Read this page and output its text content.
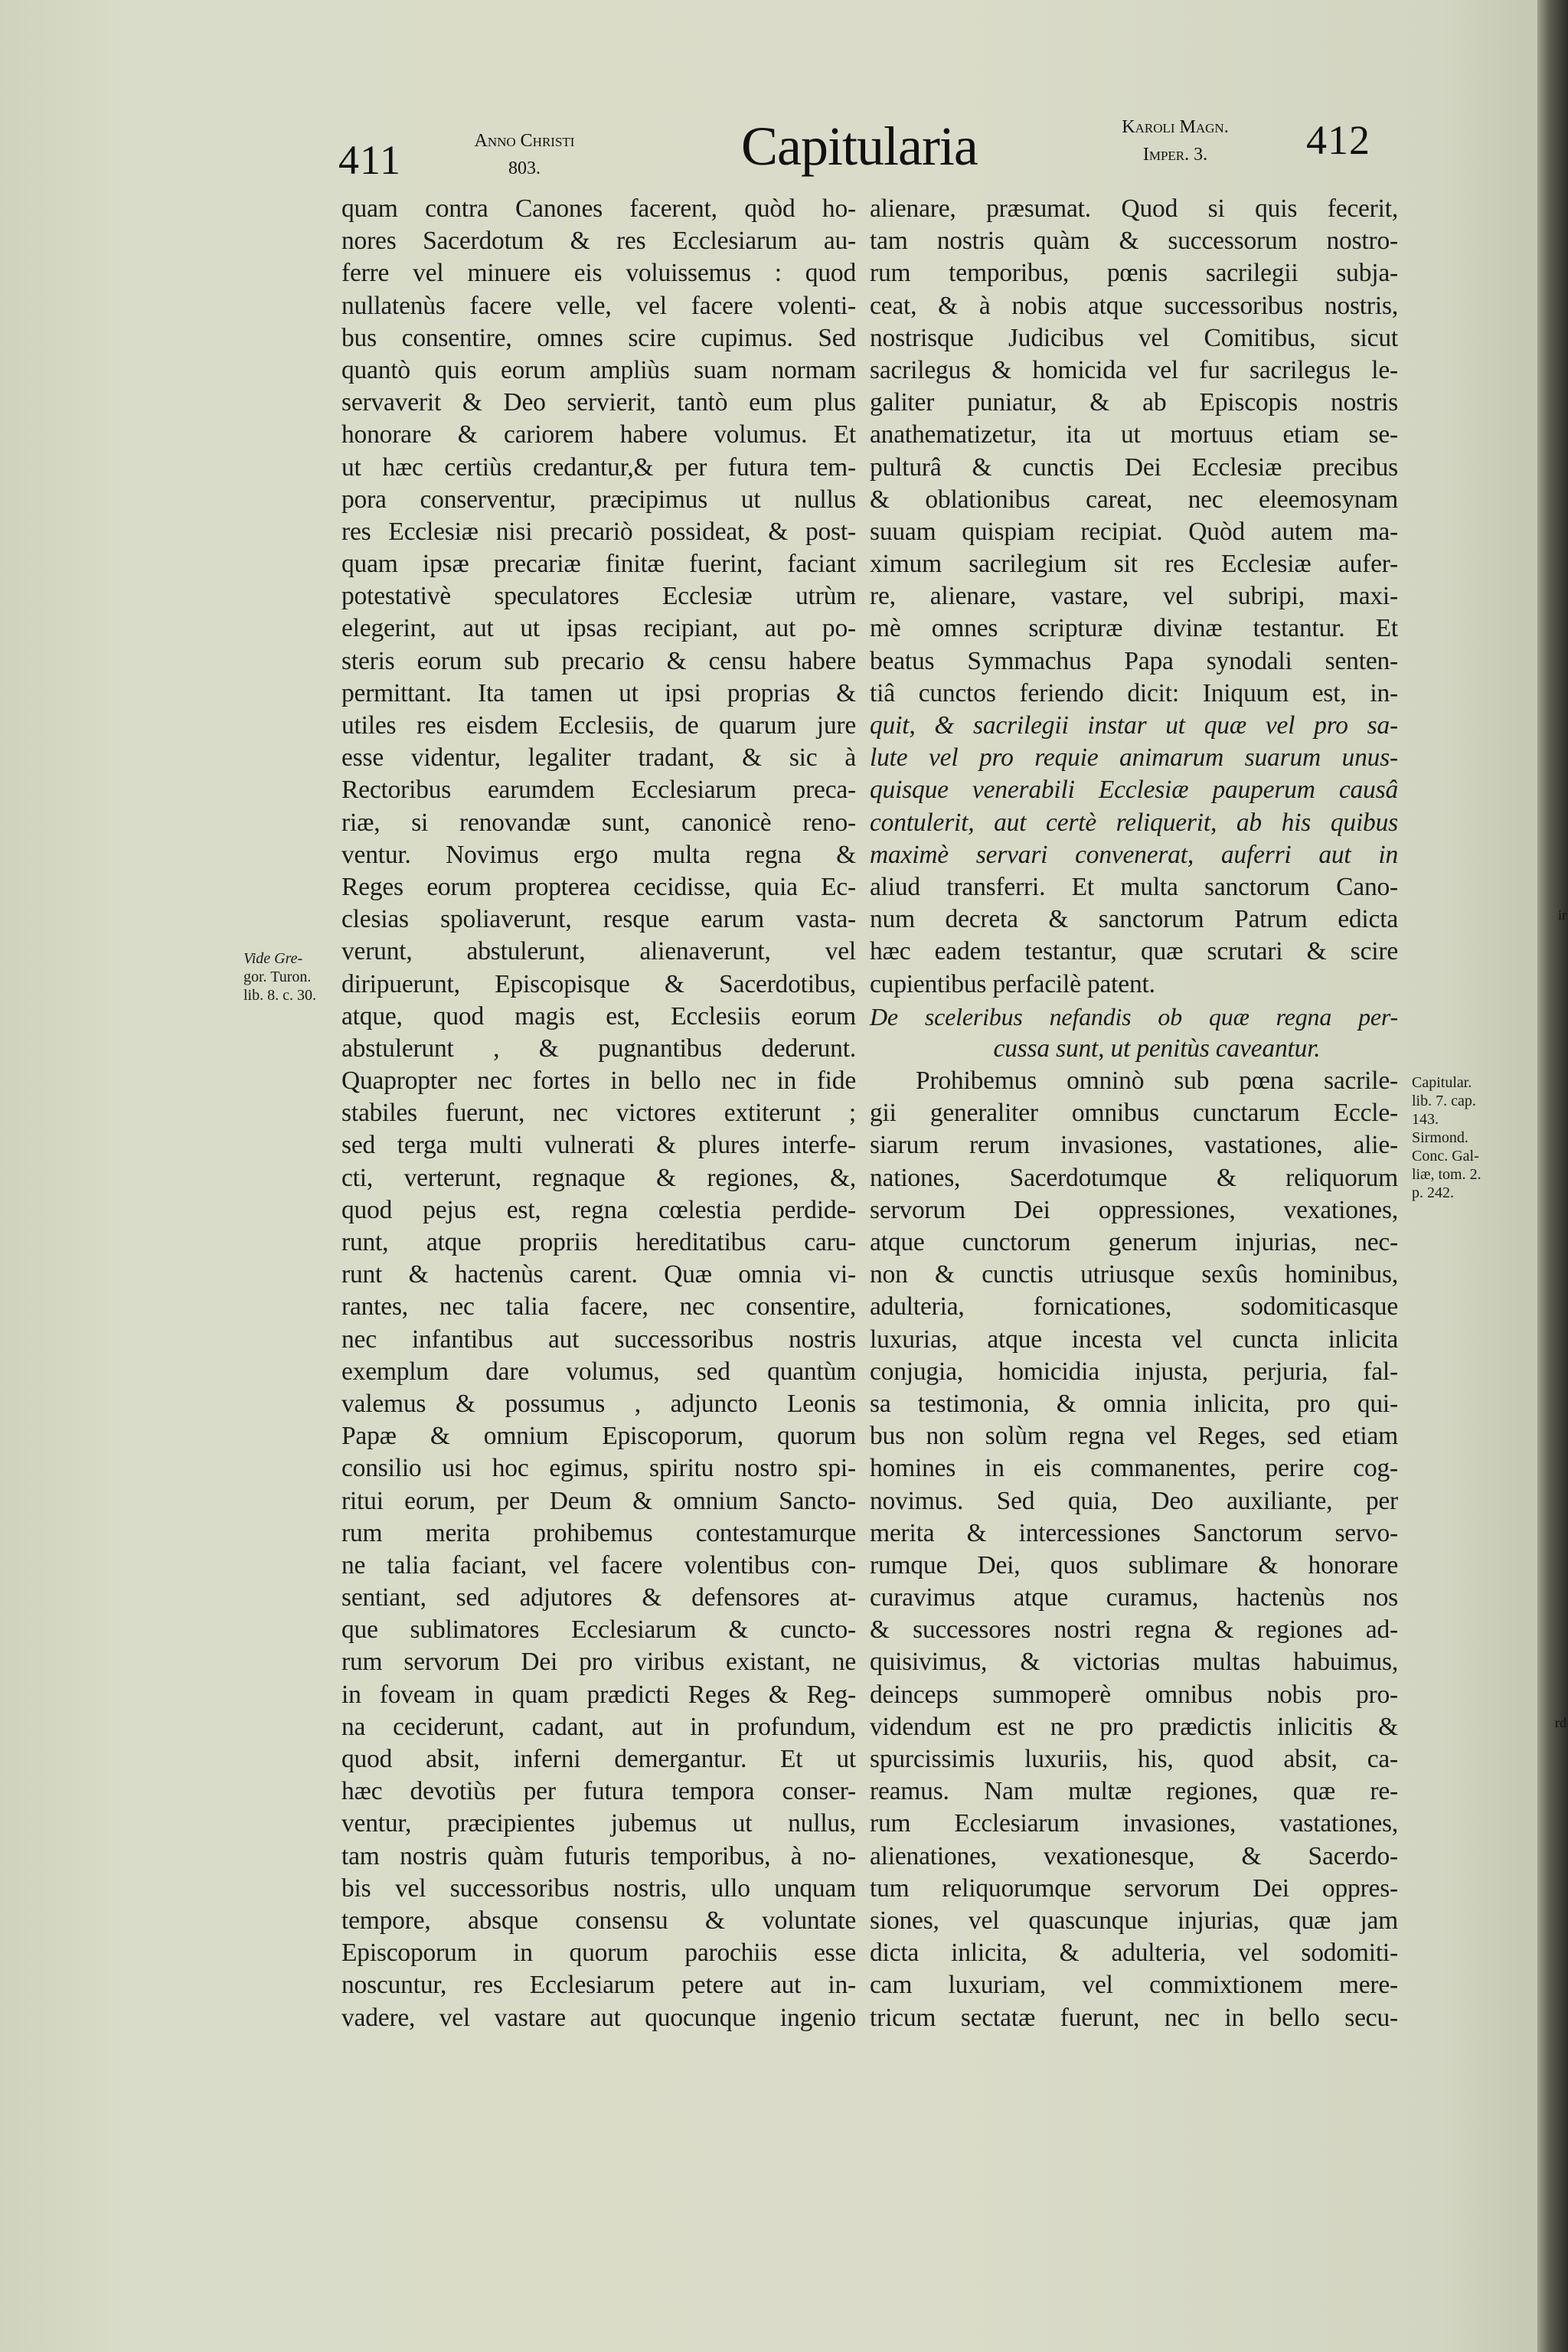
ir
rd
411	Anno Christi
803.	Capitularia	Karoli Magn.
Imper. 3.	412
quam contra Canones facerent, quòd ho-
nores Sacerdotum & res Ecclesiarum au-
ferre vel minuere eis voluissemus : quod
nullatenùs facere velle, vel facere volenti-
bus consentire, omnes scire cupimus. Sed
quantò quis eorum ampliùs suam normam
servaverit & Deo servierit, tantò eum plus
honorare & cariorem habere volumus. Et
ut hæc certiùs credantur,& per futura tem-
pora conserventur, præcipimus ut nullus
res Ecclesiæ nisi precariò possideat, & post-
quam ipsæ precariæ finitæ fuerint, faciant
potestativè speculatores Ecclesiæ utrùm
elegerint, aut ut ipsas recipiant, aut po-
steris eorum sub precario & censu habere
permittant. Ita tamen ut ipsi proprias &
utiles res eisdem Ecclesiis, de quarum jure
esse videntur, legaliter tradant, & sic à
Rectoribus earumdem Ecclesiarum preca-
riæ, si renovandæ sunt, canonicè reno-
ventur. Novimus ergo multa regna &
Reges eorum propterea cecidisse, quia Ec-
clesias spoliaverunt, resque earum vasta-
verunt, abstulerunt, alienaverunt, vel
diripuerunt, Episcopisque & Sacerdotibus,
atque, quod magis est, Ecclesiis eorum
abstulerunt , & pugnantibus dederunt.
Quapropter nec fortes in bello nec in fide
stabiles fuerunt, nec victores extiterunt ;
sed terga multi vulnerati & plures interfe-
cti, verterunt, regnaque & regiones, &,
quod pejus est, regna cœlestia perdide-
runt, atque propriis hereditatibus caru-
runt & hactenùs carent. Quæ omnia vi-
rantes, nec talia facere, nec consentire,
nec infantibus aut successoribus nostris
exemplum dare volumus, sed quantùm
valemus & possumus , adjuncto Leonis
Papæ & omnium Episcoporum, quorum
consilio usi hoc egimus, spiritu nostro spi-
ritui eorum, per Deum & omnium Sancto-
rum merita prohibemus contestamurque
ne talia faciant, vel facere volentibus con-
sentiant, sed adjutores & defensores at-
que sublimatores Ecclesiarum & cuncto-
rum servorum Dei pro viribus existant, ne
in foveam in quam prædicti Reges & Reg-
na ceciderunt, cadant, aut in profundum,
quod absit, inferni demergantur. Et ut
hæc devotiùs per futura tempora conser-
ventur, præcipientes jubemus ut nullus,
tam nostris quàm futuris temporibus, à no-
bis vel successoribus nostris, ullo unquam
tempore, absque consensu & voluntate
Episcoporum in quorum parochiis esse
noscuntur, res Ecclesiarum petere aut in-
vadere, vel vastare aut quocunque ingenio
alienare, præsumat. Quod si quis fecerit,
tam nostris quàm & successorum nostro-
rum temporibus, pœnis sacrilegii subja-
ceat, & à nobis atque successoribus nostris,
nostrisque Judicibus vel Comitibus, sicut
sacrilegus & homicida vel fur sacrilegus le-
galiter puniatur, & ab Episcopis nostris
anathematizetur, ita ut mortuus etiam se-
pulturâ & cunctis Dei Ecclesiæ precibus
& oblationibus careat, nec eleemosynam
suuam quispiam recipiat. Quòd autem ma-
ximum sacrilegium sit res Ecclesiæ aufer-
re, alienare, vastare, vel subripi, maxi-
mè omnes scripturæ divinæ testantur. Et
beatus Symmachus Papa synodali senten-
tiâ cunctos feriendo dicit: Iniquum est, in-
quit, & sacrilegii instar ut quæ vel pro sa-
lute vel pro requie animarum suarum unus-
quisque venerabili Ecclesiæ pauperum causâ
contulerit, aut certè reliquerit, ab his quibus
maximè servari convenerat, auferri aut in
aliud transferri. Et multa sanctorum Cano-
num decreta & sanctorum Patrum edicta
hæc eadem testantur, quæ scrutari & scire
cupientibus perfacilè patent.
De sceleribus nefandis ob quæ regna per-
cussa sunt, ut penitùs caveantur.
Prohibemus omninò sub pœna sacrile-
gii generaliter omnibus cunctarum Eccle-
siarum rerum invasiones, vastationes, alie-
nationes, Sacerdotumque & reliquorum
servorum Dei oppressiones, vexationes,
atque cunctorum generum injurias, nec-
non & cunctis utriusque sexûs hominibus,
adulteria, fornicationes, sodomiticasque
luxurias, atque incesta vel cuncta inlicita
conjugia, homicidia injusta, perjuria, fal-
sa testimonia, & omnia inlicita, pro qui-
bus non solùm regna vel Reges, sed etiam
homines in eis commanentes, perire cog-
novimus. Sed quia, Deo auxiliante, per
merita & intercessiones Sanctorum servo-
rumque Dei, quos sublimare & honorare
curavimus atque curamus, hactenùs nos
& successores nostri regna & regiones ad-
quisivimus, & victorias multas habuimus,
deinceps summoperè omnibus nobis pro-
videndum est ne pro prædictis inlicitis &
spurcissimis luxuriis, his, quod absit, ca-
reamus. Nam multæ regiones, quæ re-
rum Ecclesiarum invasiones, vastationes,
alienationes, vexationesque, & Sacerdo-
tum reliquorumque servorum Dei oppres-
siones, vel quascunque injurias, quæ jam
dicta inlicita, & adulteria, vel sodomiti-
cam luxuriam, vel commixtionem mere-
tricum sectatæ fuerunt, nec in bello secu-
Vide Gre-
gor. Turon.
lib. 8. c. 30.
Capitular.
lib. 7. cap.
143.
Sirmond.
Conc. Gal-
liæ, tom. 2.
p. 242.
